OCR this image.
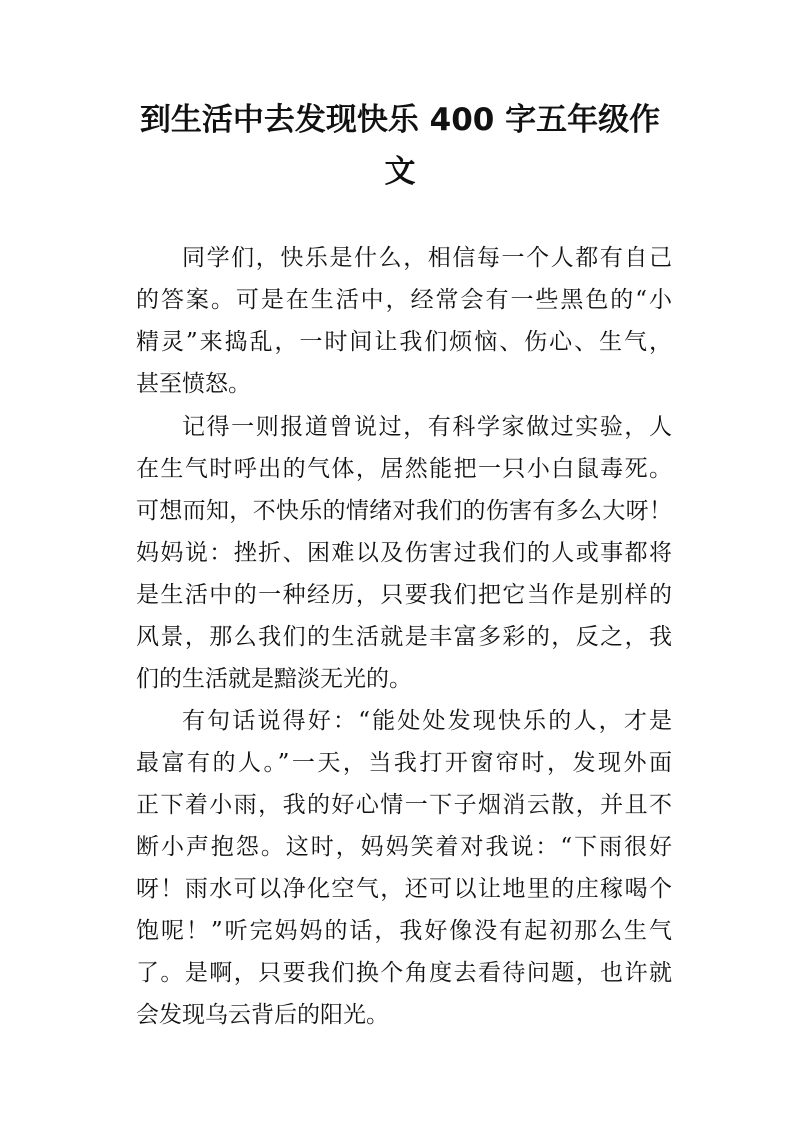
到生活中去发现快乐 400 字五年级作
文
同学们，快乐是什么，相信每一个人都有自己
的答案。可是在生活中，经常会有一些黑色的“小
精灵”来捣乱，一时间让我们烦恼、伤心、生气，
甚至愤怒。
记得一则报道曾说过，有科学家做过实验，人
在生气时呼出的气体，居然能把一只小白鼠毒死。
可想而知，不快乐的情绪对我们的伤害有多么大呀！
妈妈说：挫折、困难以及伤害过我们的人或事都将
是生活中的一种经历，只要我们把它当作是别样的
风景，那么我们的生活就是丰富多彩的，反之，我
们的生活就是黯淡无光的。
有句话说得好：“能处处发现快乐的人，才是
最富有的人。”一天，当我打开窗帘时，发现外面
正下着小雨，我的好心情一下子烟消云散，并且不
断小声抱怨。这时，妈妈笑着对我说：“下雨很好
呀！雨水可以净化空气，还可以让地里的庄稼喝个
饱呢！”听完妈妈的话，我好像没有起初那么生气
了。是啊，只要我们换个角度去看待问题，也许就
会发现乌云背后的阳光。
